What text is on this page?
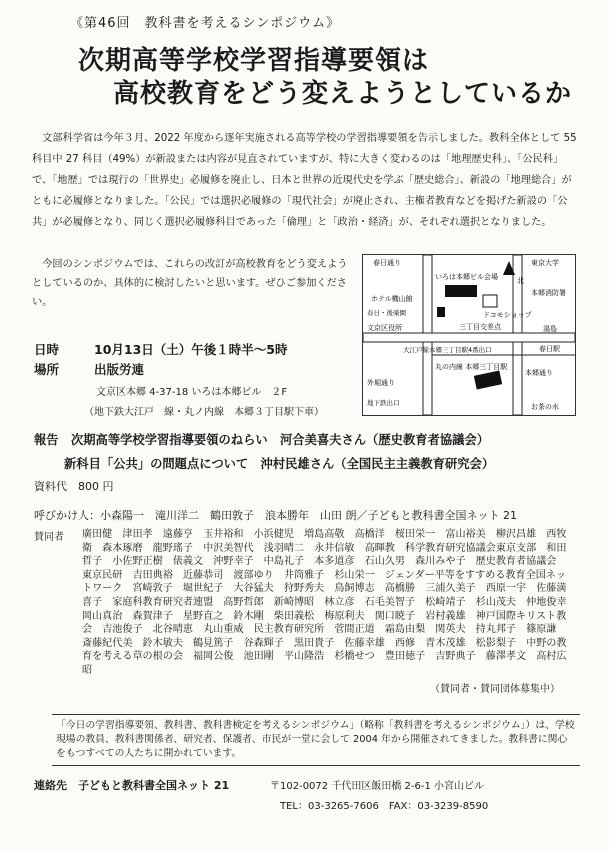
《第46回　教科書を考えるシンポジウム》
次期高等学校学習指導要領は
高校教育をどう変えようとしているか

文部科学省は今年３月、2022 年度から逐年実施される高等学校の学習指導要領を告示しました。教科全体として 55 科目中 27 科目（49%）が新設または内容が見直されていますが、特に大きく変わるのは「地理歴史科」、「公民科」で、「地歴」では現行の「世界史」必履修を廃止し、日本と世界の近現代史を学ぶ「歴史総合」、新設の「地理総合」がともに必履修となりました。「公民」では選択必履修の「現代社会」が廃止され、主権者教育などを掲げた新設の「公共」が必履修となり、同じく選択必履修科目であった「倫理」と「政治・経済」が、それぞれ選択となりました。

今回のシンポジウムでは、これらの改訂が高校教育をどう変えようとしているのか、具体的に検討したいと思います。ぜひご参加ください。

春日通り	東京大学
いろは本郷ビル会場
ホテル機山館
ドコモショップ
本郷消防署
文京区役所	三丁目交差点
大江戸線本郷三丁目駅4番出口
丸の内線 本郷三丁目駅
本郷通り
外堀通り
湯島
春日駅
お茶の水
北
春日・後楽園
地下鉄出口
日時	10月13日（土）午後１時半～5時
場所	出版労連
文京区本郷 4-37-18 いろは本郷ビル　２F
（地下鉄大江戸　線・丸ノ内線　本郷３丁目駅下車）
報告　 次期高等学校学習指導要領のねらい　河合美喜夫さん（歴史教育者協議会）
新科目「公共」の問題点について　沖村民雄さん（全国民主主義教育研究会）
資料代　 800 円
呼びかけ人：小森陽一　滝川洋二　鶴田敦子　浪本勝年　山田 朗／子どもと教科書全国ネット 21
賛同者 廣田健　津田孝　遠藤亨　玉井裕和　小浜健児　増島高敬　高橋洋　桜田栄一　富山裕美　柳沢昌雄　西牧衛　森本琢磨　龍野瑤子　中沢美智代　浅羽晴二　永井信敏　高暉教　科学教育研究協議会東京支部　和田哲子　小佐野正樹　俵義文　沖野幸子　中島礼子　本多道彦　石山久男　森川みや子　歴史教育者協議会　東京民研　吉田典裕　近藤恭司　渡部ゆり　井筒雅子　杉山栄一　ジェンダー平等をすすめる教育全国ネットワーク　宮崎敦子　堀世紀子　大谷猛夫　狩野秀夫　鳥飼博志　高橋勝　三浦久美子　西原一宇　佐藤満喜子　家庭科教育研究者連盟　高野哲郎　新崎博昭　林立彦　石毛美智子　松崎靖子　杉山茂夫　仲地俊幸　岡山真治　森賀津子　星野直之　鈴木剛　柴田義松　梅原利夫　関口暁子　岩村義雄　神戸国際キリスト教会　吉池俊子　北谷晴恵　丸山重威　民主教育研究所　菅間正道　霜島由梨　関英夫　持丸邦子　篠原謙　斎藤紀代美　鈴木敏夫　鶴見篤子　谷森輝子　黒田貴子　佐藤幸雄　西修　青木茂雄　松影梨子　中野の教育を考える草の根の会　福岡公俊　池田剛　平山隆浩　杉橋せつ　豊田徳子　吉野典子　藤澤孝文　高村広昭
（賛同者・賛同団体募集中）
「今日の学習指導要領、教科書、教科書検定を考えるシンポジウム」（略称「教科書を考えるシンポジウム」）は、学校現場の教員、教科書関係者、研究者、保護者、市民が一堂に会して 2004 年から開催されてきました。教科書に関心をもつすべての人たちに開かれています。
連絡先　 子どもと教科書全国ネット 21	〒102-0072 千代田区飯田橋 2-6-1 小宮山ビル
TEL：03-3265-7606　FAX：03-3239-8590
